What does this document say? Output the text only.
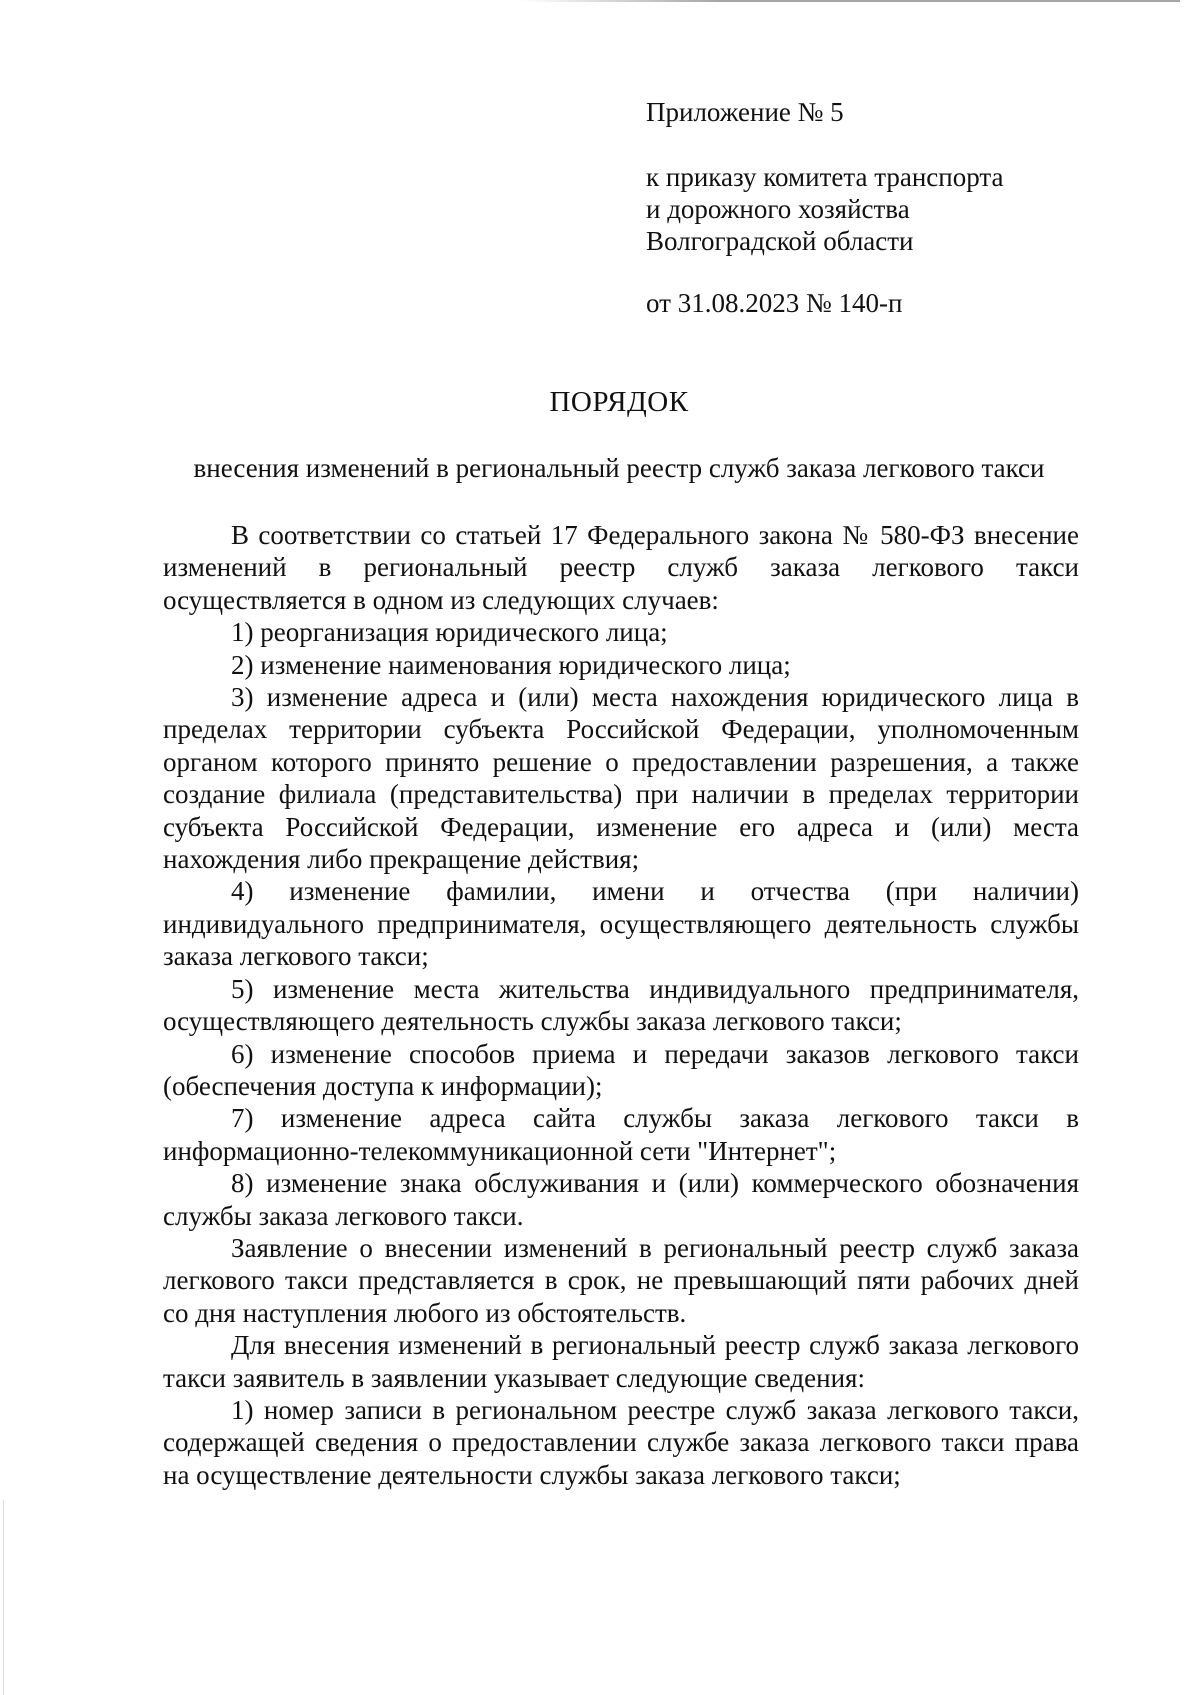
Приложение № 5
к приказу комитета транспорта
и дорожного хозяйства
Волгоградской области
от 31.08.2023 № 140-п
ПОРЯДОК
внесения изменений в региональный реестр служб заказа легкового такси

В соответствии со статьей 17 Федерального закона № 580-ФЗ внесение изменений в региональный реестр служб заказа легкового такси осуществляется в одном из следующих случаев:

1) реорганизация юридического лица;

2) изменение наименования юридического лица;

3) изменение адреса и (или) места нахождения юридического лица в пределах территории субъекта Российской Федерации, уполномоченным органом которого принято решение о предоставлении разрешения, а также создание филиала (представительства) при наличии в пределах территории субъекта Российской Федерации, изменение его адреса и (или) места нахождения либо прекращение действия;

4) изменение фамилии, имени и отчества (при наличии) индивидуального предпринимателя, осуществляющего деятельность службы заказа легкового такси;

5) изменение места жительства индивидуального предпринимателя, осуществляющего деятельность службы заказа легкового такси;

6) изменение способов приема и передачи заказов легкового такси (обеспечения доступа к информации);

7) изменение адреса сайта службы заказа легкового такси в информационно-телекоммуникационной сети "Интернет";

8) изменение знака обслуживания и (или) коммерческого обозначения службы заказа легкового такси.

Заявление о внесении изменений в региональный реестр служб заказа легкового такси представляется в срок, не превышающий пяти рабочих дней со дня наступления любого из обстоятельств.

Для внесения изменений в региональный реестр служб заказа легкового такси заявитель в заявлении указывает следующие сведения:

1) номер записи в региональном реестре служб заказа легкового такси, содержащей сведения о предоставлении службе заказа легкового такси права на осуществление деятельности службы заказа легкового такси;
